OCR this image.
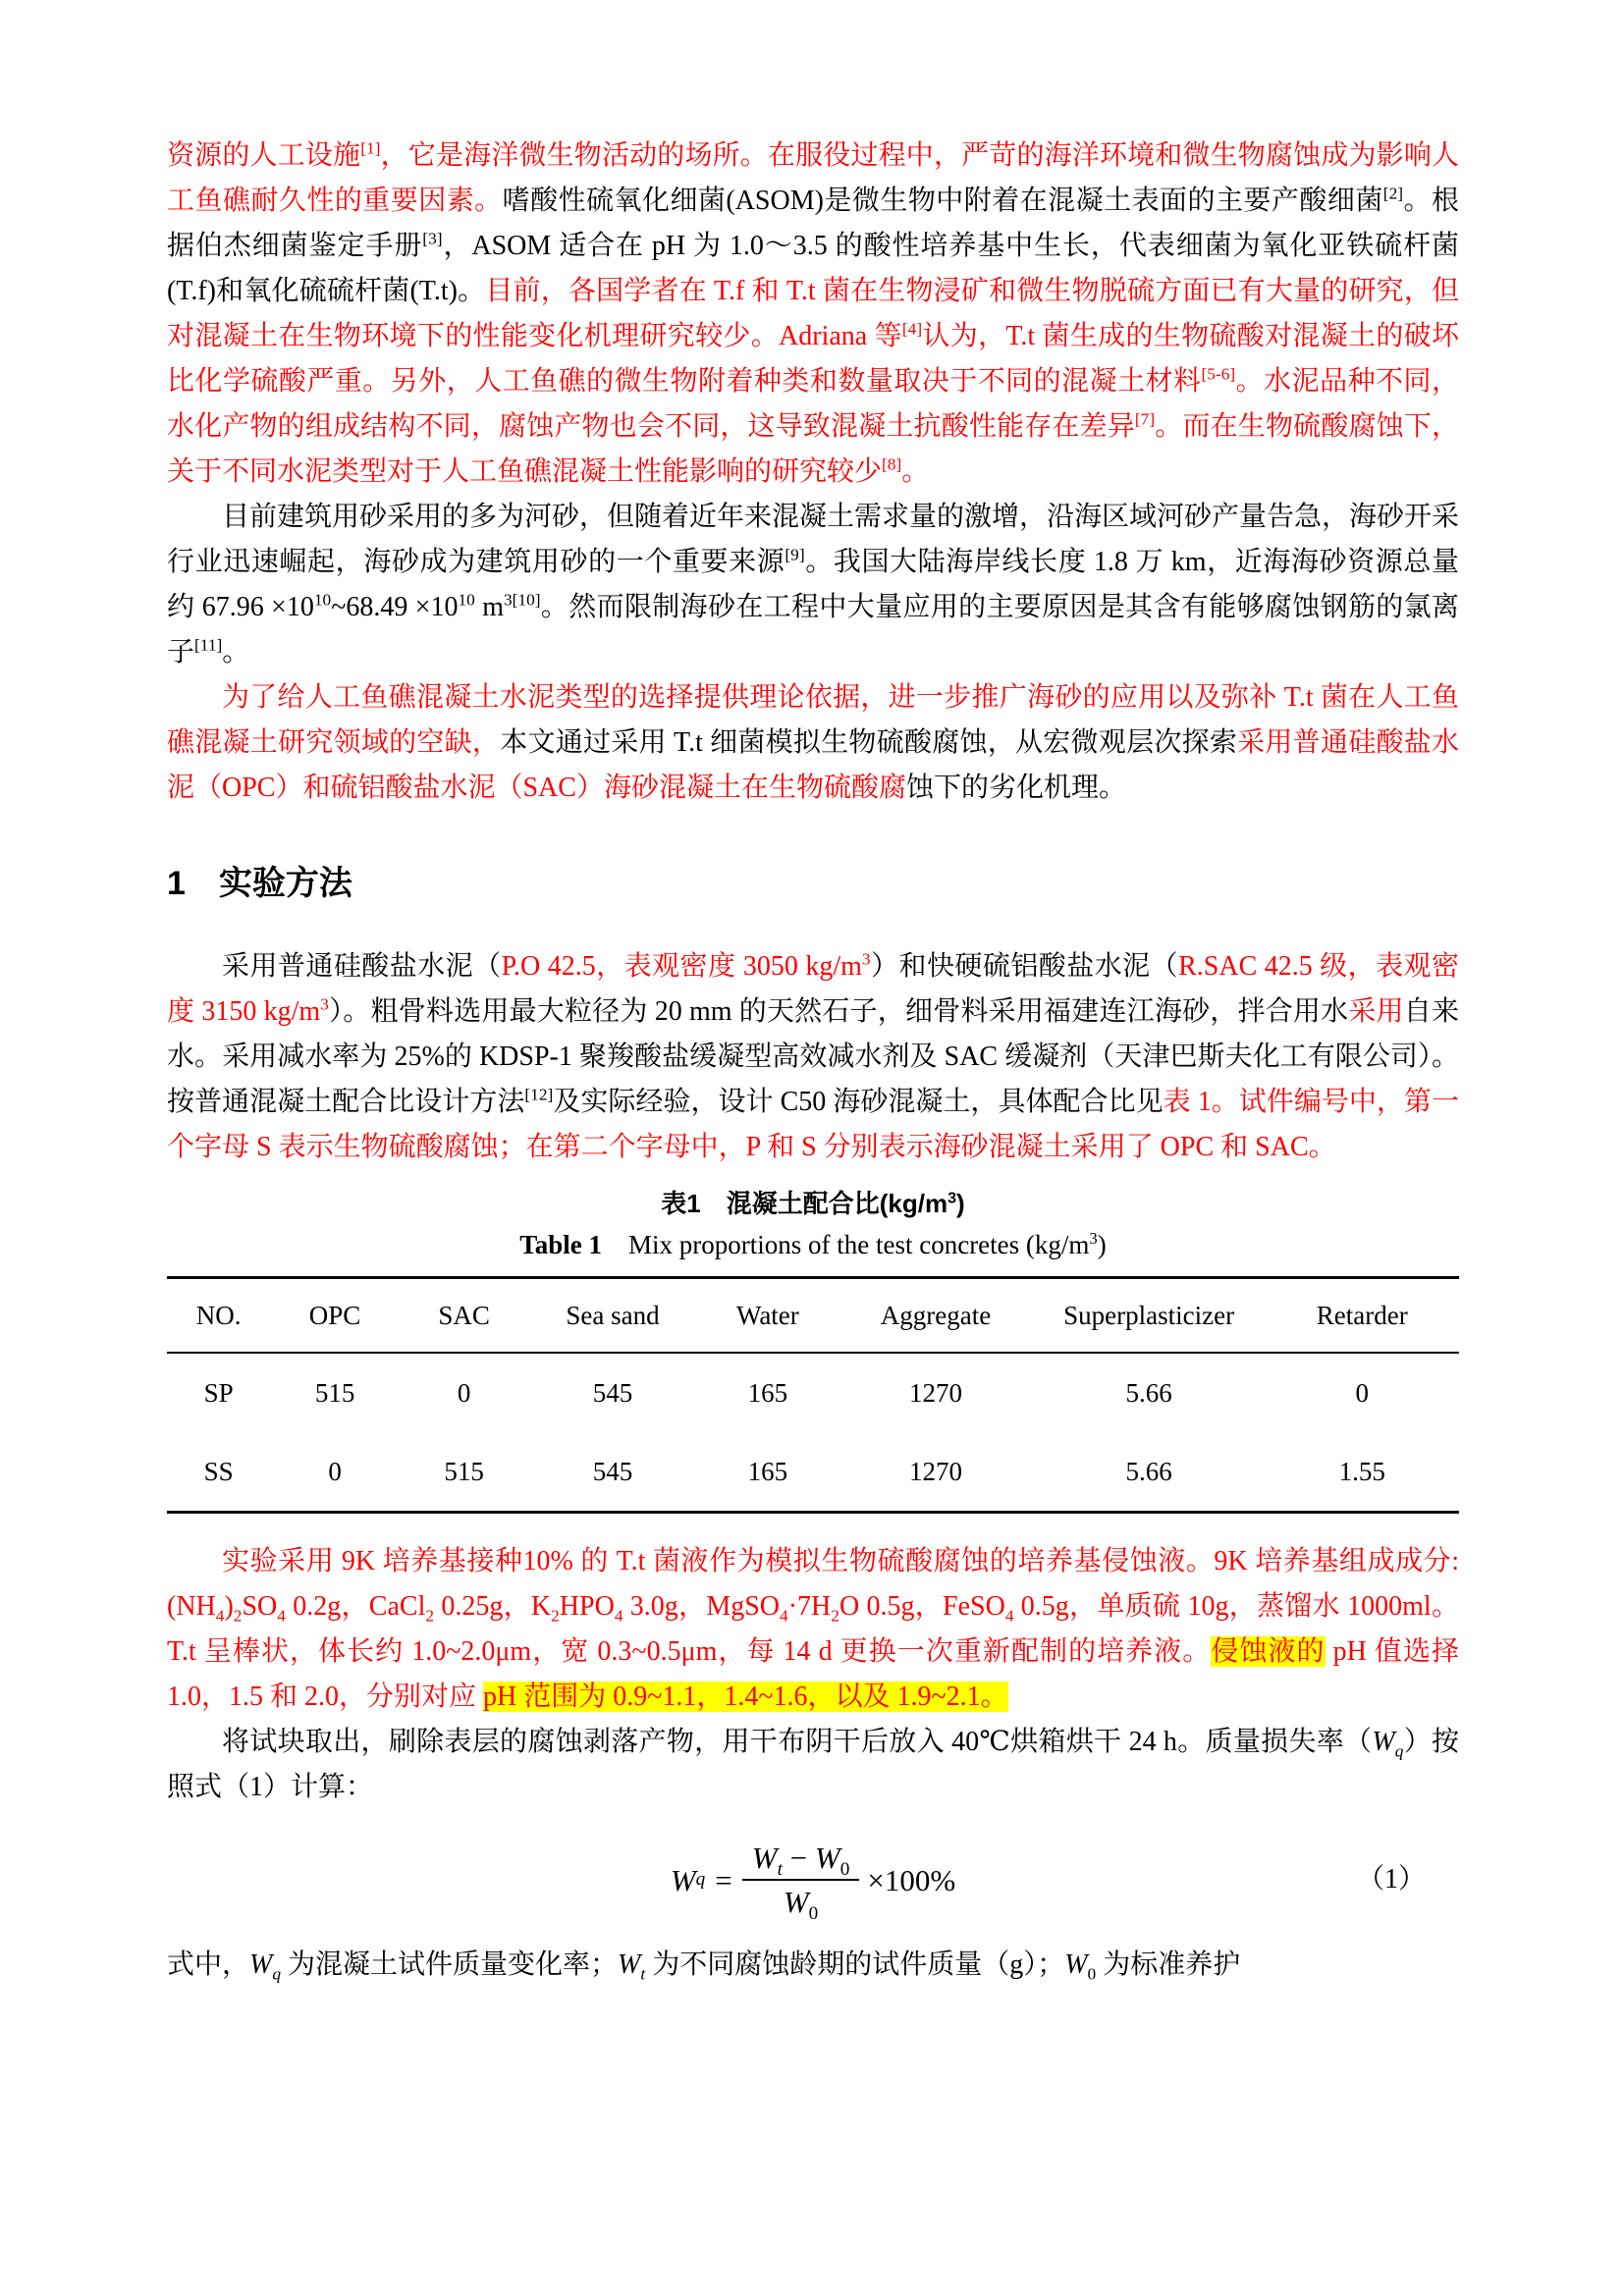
资源的人工设施[1]，它是海洋微生物活动的场所。在服役过程中，严苛的海洋环境和微生物腐蚀成为影响人工鱼礁耐久性的重要因素。嗜酸性硫氧化细菌(ASOM)是微生物中附着在混凝土表面的主要产酸细菌[2]。根据伯杰细菌鉴定手册[3]，ASOM 适合在 pH 为 1.0～3.5 的酸性培养基中生长，代表细菌为氧化亚铁硫杆菌(T.f)和氧化硫硫杆菌(T.t)。目前，各国学者在 T.f 和 T.t 菌在生物浸矿和微生物脱硫方面已有大量的研究，但对混凝土在生物环境下的性能变化机理研究较少。Adriana 等[4]认为，T.t 菌生成的生物硫酸对混凝土的破坏比化学硫酸严重。另外，人工鱼礁的微生物附着种类和数量取决于不同的混凝土材料[5-6]。水泥品种不同，水化产物的组成结构不同，腐蚀产物也会不同，这导致混凝土抗酸性能存在差异[7]。而在生物硫酸腐蚀下，关于不同水泥类型对于人工鱼礁混凝土性能影响的研究较少[8]。

目前建筑用砂采用的多为河砂，但随着近年来混凝土需求量的激增，沿海区域河砂产量告急，海砂开采行业迅速崛起，海砂成为建筑用砂的一个重要来源[9]。我国大陆海岸线长度 1.8 万 km，近海海砂资源总量约 $67.96 \times 10^{10}\sim 68.49 \times 10^{10}$ $m^{3[10]}$。然而限制海砂在工程中大量应用的主要原因是其含有能够腐蚀钢筋的氯离子[11]。

为了给人工鱼礁混凝土水泥类型的选择提供理论依据，进一步推广海砂的应用以及弥补 T.t 菌在人工鱼礁混凝土研究领域的空缺，本文通过采用 T.t 细菌模拟生物硫酸腐蚀，从宏微观层次探索采用普通硅酸盐水泥（OPC）和硫铝酸盐水泥（SAC）海砂混凝土在生物硫酸腐蚀下的劣化机理。

1　实验方法

采用普通硅酸盐水泥（P.O 42.5，表观密度 3050 $kg/m^3$）和快硬硫铝酸盐水泥（R.SAC 42.5 级，表观密度 3150 $kg/m^3$）。粗骨料选用最大粒径为 20 mm 的天然石子，细骨料采用福建连江海砂，拌合用水采用自来水。采用减水率为 25%的 KDSP-1 聚羧酸盐缓凝型高效减水剂及 SAC 缓凝剂（天津巴斯夫化工有限公司）。按普通混凝土配合比设计方法[12]及实际经验，设计 C50 海砂混凝土，具体配合比见表 1。试件编号中，第一个字母 S 表示生物硫酸腐蚀；在第二个字母中，P 和 S 分别表示海砂混凝土采用了 OPC 和 SAC。

表1　混凝土配合比$(kg/m^3)$

Table 1　Mix proportions of the test concretes $(kg/m^3)$

NO.	OPC	SAC	Sea sand	Water	Aggregate	Superplasticizer	Retarder
SP	515	0	545	165	1270	5.66	0
SS	0	515	545	165	1270	5.66	1.55

实验采用 9K 培养基接种10% 的 T.t 菌液作为模拟生物硫酸腐蚀的培养基侵蚀液。9K 培养基组成成分: $(NH_4)_2SO_4$ 0.2g，CaCl$_2$ 0.25g，$K_2HPO_4$ 3.0g，$MgSO_4\cdot 7H_2O$ 0.5g，FeSO$_4$ 0.5g，单质硫 10g，蒸馏水 1000ml。T.t 呈棒状，体长约 1.0~2.0μm，宽 0.3~0.5μm，每 14 d 更换一次重新配制的培养液。侵蚀液的 pH 值选择 1.0，1.5 和 2.0，分别对应 pH 范围为 0.9~1.1，1.4~1.6，以及 1.9~2.1。

将试块取出，刷除表层的腐蚀剥落产物，用干布阴干后放入 40℃烘箱烘干 24 h。质量损失率$(W_q)$按照式（1）计算：

W $q = \frac{W_t - W_0}{W_0} \times 100\%$	（1）

式中，$W_q$ 为混凝土试件质量变化率；$W_t$ 为不同腐蚀龄期的试件质量（g）；$W_0$ 为标准养护
